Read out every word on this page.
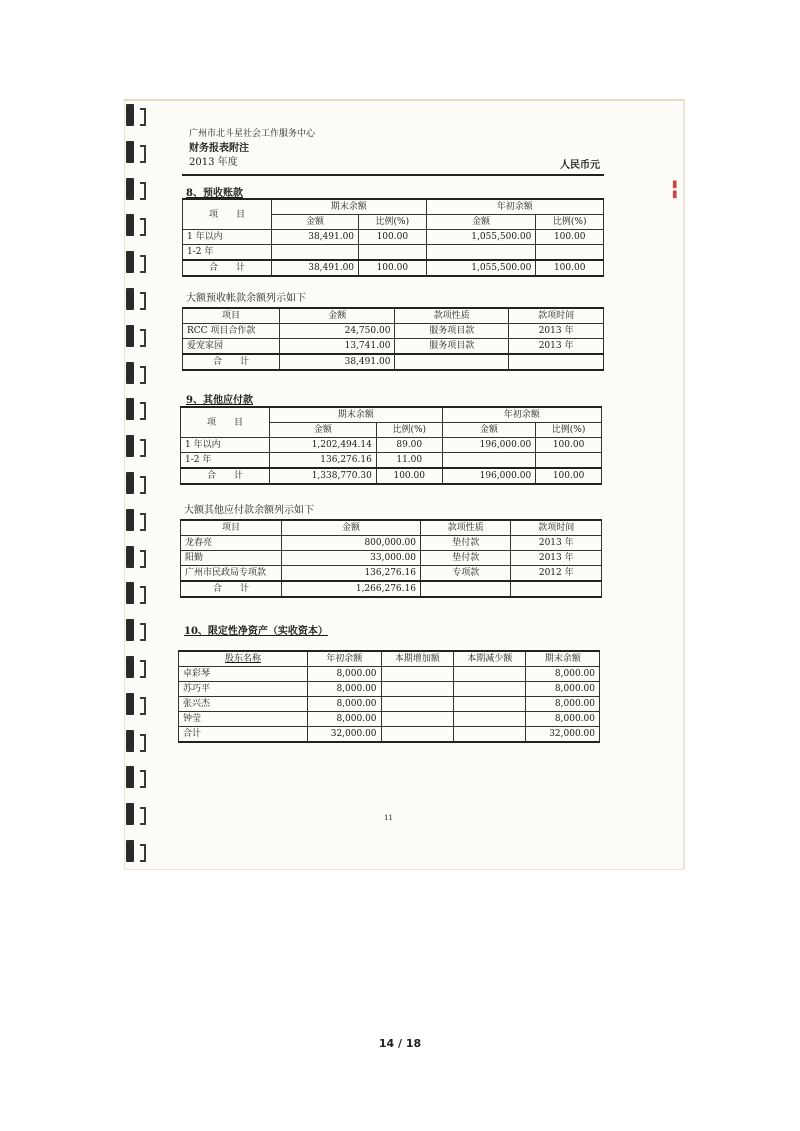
▮
▮
广州市北斗星社会工作服务中心
财务报表附注
2013 年度	人民币元
8、预收账款
项　　目	期末余额		年初余额	
	金额	比例(%)	金额	比例(%)
1 年以内	38,491.00	100.00	1,055,500.00	100.00
1-2 年				
合　　计	38,491.00	100.00	1,055,500.00	100.00
大额预收帐款余额列示如下
项目	金额	款项性质	款项时间
RCC 项目合作款	24,750.00	服务项目款	2013 年
爱宠家园	13,741.00	服务项目款	2013 年
合　　计	38,491.00		
9、其他应付款
项　　目	期末余额		年初余额	
	金额	比例(%)	金额	比例(%)
1 年以内	1,202,494.14	89.00	196,000.00	100.00
1-2 年	136,276.16	11.00		
合　　计	1,338,770.30	100.00	196,000.00	100.00
大额其他应付款余额列示如下
项目	金额	款项性质	款项时间
龙春亮	800,000.00	垫付款	2013 年
阳勤	33,000.00	垫付款	2013 年
广州市民政局专项款	136,276.16	专项款	2012 年
合　　计	1,266,276.16		
10、限定性净资产（实收资本）
股东名称	年初余额	本期增加额	本期减少额	期末余额
卓彩琴	8,000.00			8,000.00
苏巧平	8,000.00			8,000.00
张兴杰	8,000.00			8,000.00
钟莹	8,000.00			8,000.00
合计	32,000.00			32,000.00
11
14 / 18
